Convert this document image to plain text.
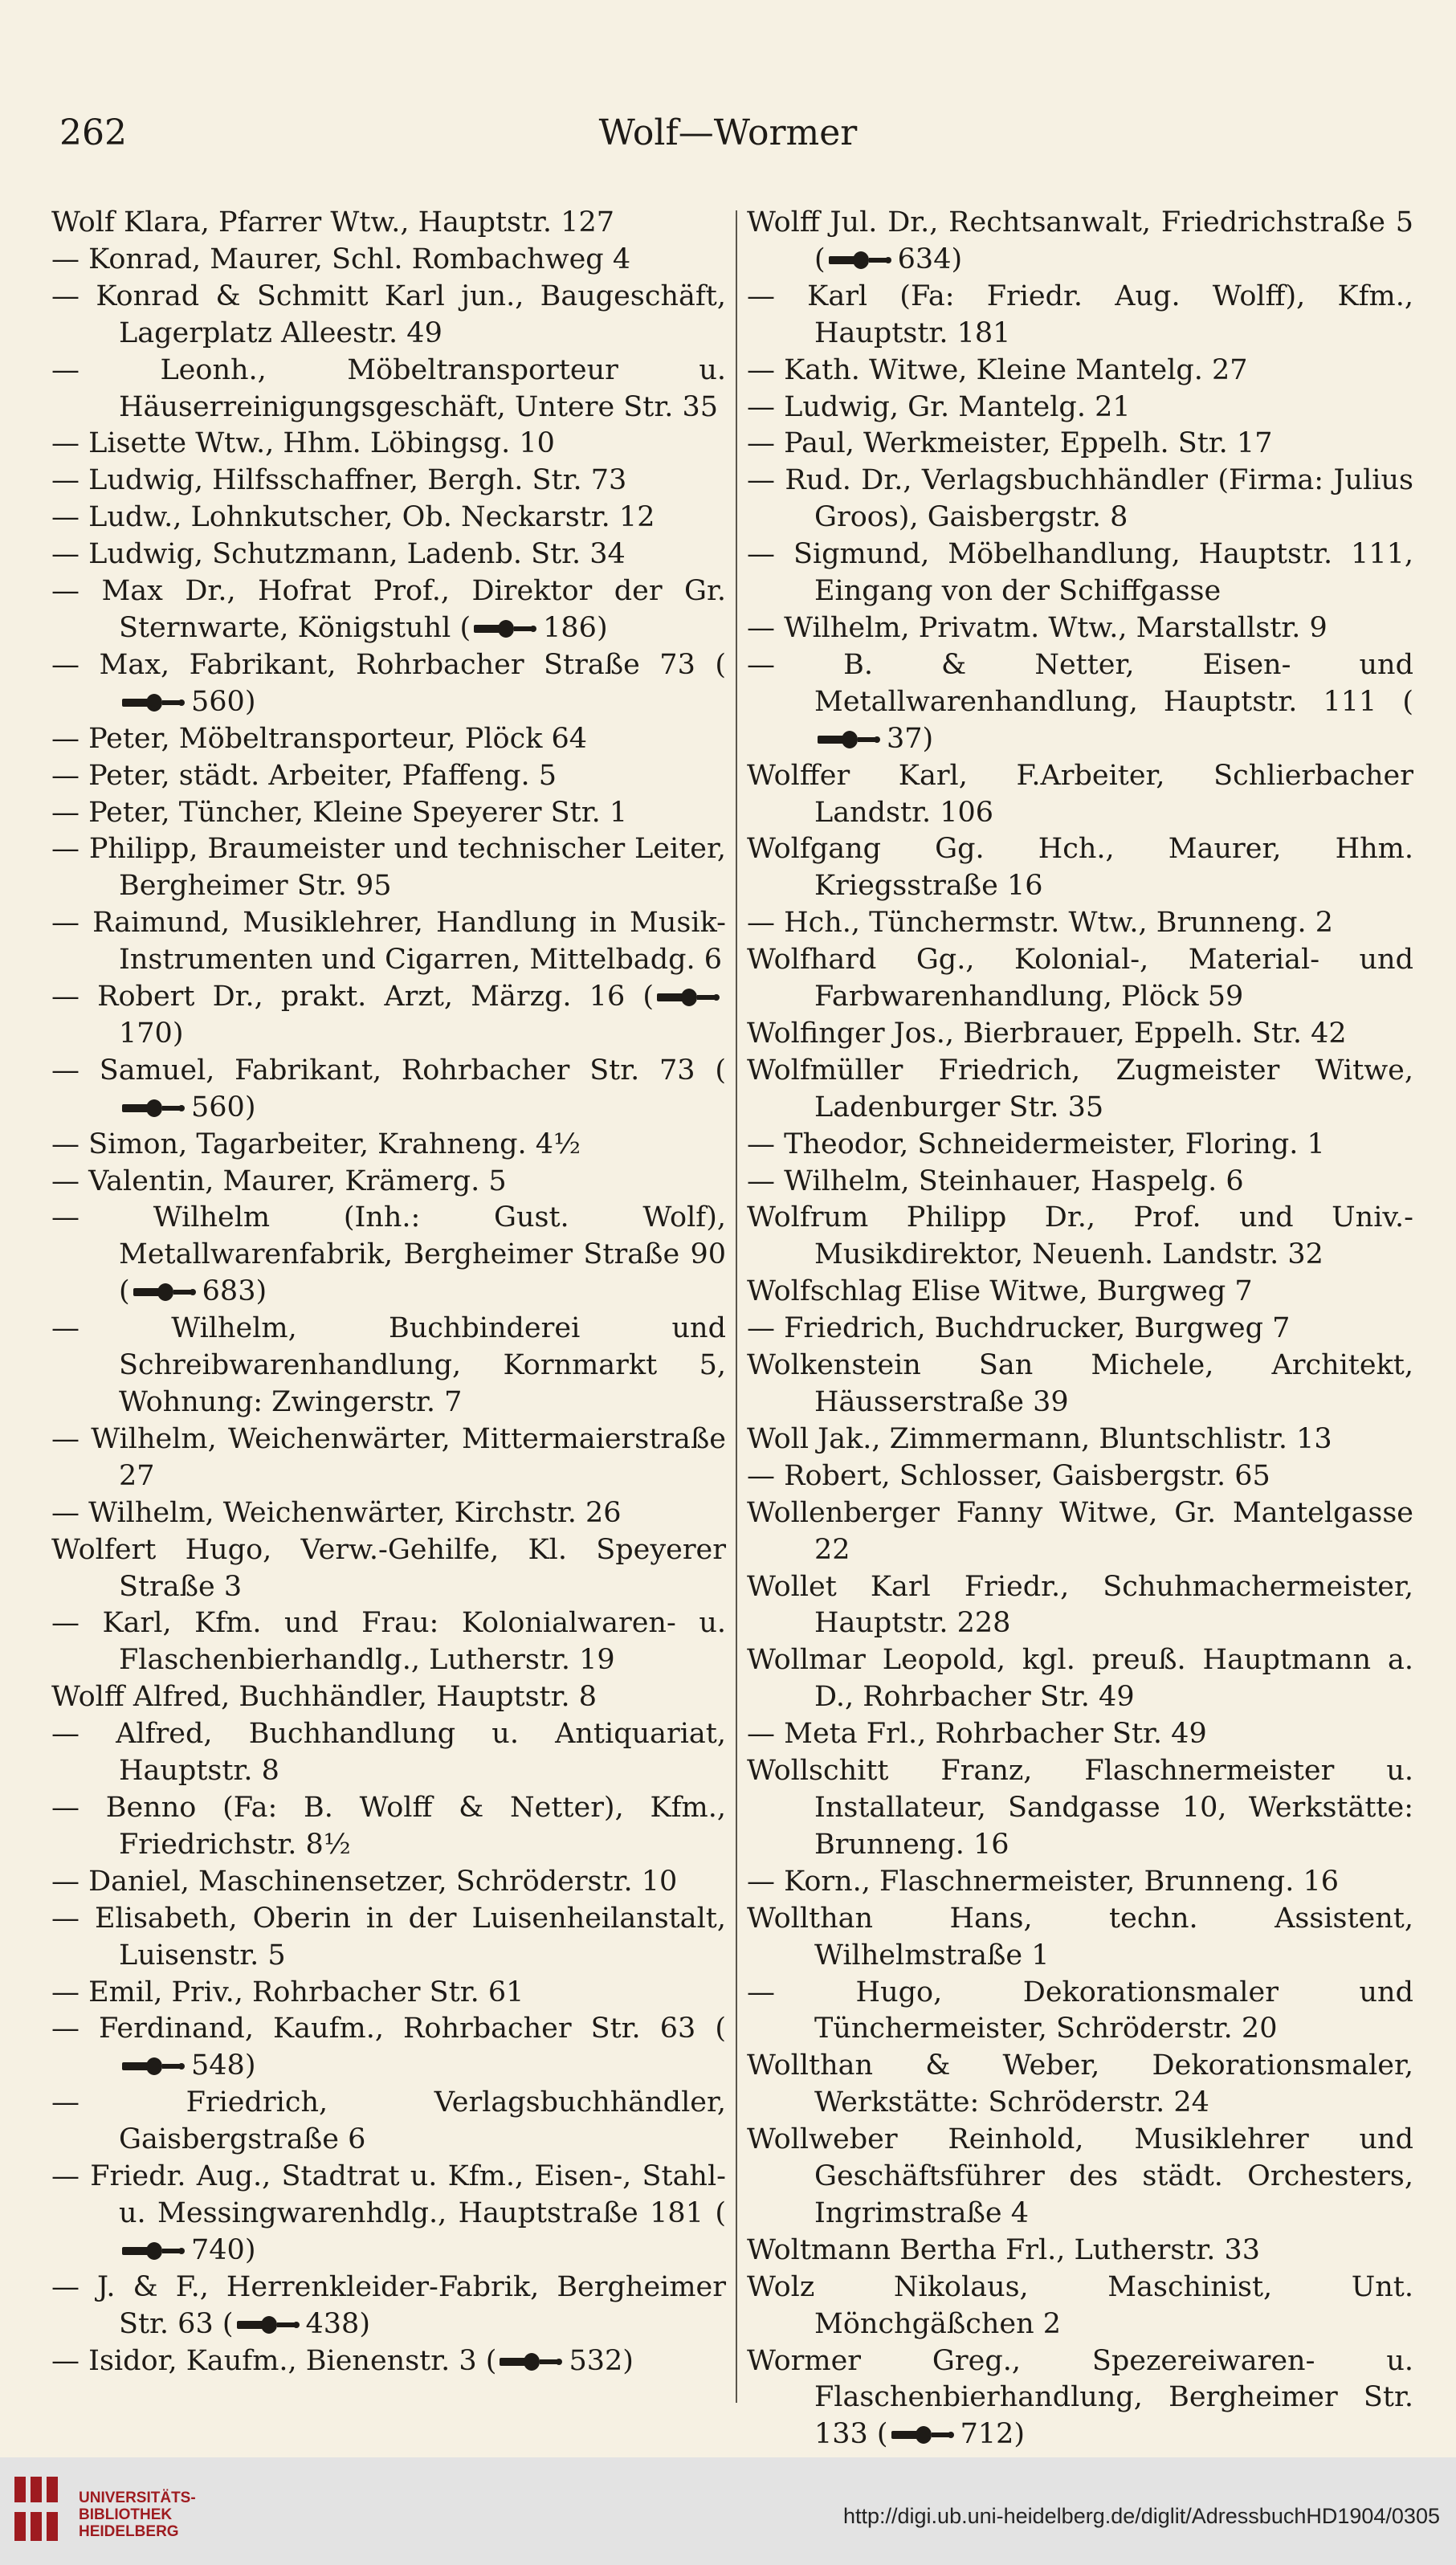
262	Wolf—Wormer

Wolf Klara, Pfarrer Wtw., Hauptstr. 127

— Konrad, Maurer, Schl. Rombachweg 4

— Konrad & Schmitt Karl jun., Baugeschäft, Lagerplatz Alleestr. 49

— Leonh., Möbeltransporteur u. Häuserreinigungsgeschäft, Untere Str. 35

— Lisette Wtw., Hhm. Löbingsg. 10

— Ludwig, Hilfsschaffner, Bergh. Str. 73

— Ludw., Lohnkutscher, Ob. Neckarstr. 12

— Ludwig, Schutzmann, Ladenb. Str. 34

— Max Dr., Hofrat Prof., Direktor der Gr. Sternwarte, Königstuhl (	186)

— Max, Fabrikant, Rohrbacher Straße 73 (560)

— Peter, Möbeltransporteur, Plöck 64

— Peter, städt. Arbeiter, Pfaffeng. 5

— Peter, Tüncher, Kleine Speyerer Str. 1

— Philipp, Braumeister und technischer Leiter, Bergheimer Str. 95

— Raimund, Musiklehrer, Handlung in Musik-Instrumenten und Cigarren, Mittelbadg. 6

— Robert Dr., prakt. Arzt, Märzg. 16 (170)

— Samuel, Fabrikant, Rohrbacher Str. 73 (560)

— Simon, Tagarbeiter, Krahneng. 4½

— Valentin, Maurer, Krämerg. 5

— Wilhelm (Inh.: Gust. Wolf), Metallwarenfabrik, Bergheimer Straße 90 (	683)

— Wilhelm, Buchbinderei und Schreibwarenhandlung, Kornmarkt 5, Wohnung: Zwingerstr. 7

— Wilhelm, Weichenwärter, Mittermaierstraße 27

— Wilhelm, Weichenwärter, Kirchstr. 26

Wolfert Hugo, Verw.-Gehilfe, Kl. Speyerer Straße 3

— Karl, Kfm. und Frau: Kolonialwaren- u. Flaschenbierhandlg., Lutherstr. 19

Wolff Alfred, Buchhändler, Hauptstr. 8

— Alfred, Buchhandlung u. Antiquariat, Hauptstr. 8

— Benno (Fa: B. Wolff & Netter), Kfm., Friedrichstr. 8½

— Daniel, Maschinensetzer, Schröderstr. 10

— Elisabeth, Oberin in der Luisenheilanstalt, Luisenstr. 5

— Emil, Priv., Rohrbacher Str. 61

— Ferdinand, Kaufm., Rohrbacher Str. 63 (548)

— Friedrich, Verlagsbuchhändler, Gaisbergstraße 6

— Friedr. Aug., Stadtrat u. Kfm., Eisen-, Stahl- u. Messingwarenhdlg., Hauptstraße 181 (740)

— J. & F., Herrenkleider-Fabrik, Bergheimer Str. 63 (	438)

— Isidor, Kaufm., Bienenstr. 3 (	532)

Wolff Jul. Dr., Rechtsanwalt, Friedrichstraße 5 (	634)

— Karl (Fa: Friedr. Aug. Wolff), Kfm., Hauptstr. 181

— Kath. Witwe, Kleine Mantelg. 27

— Ludwig, Gr. Mantelg. 21

— Paul, Werkmeister, Eppelh. Str. 17

— Rud. Dr., Verlagsbuchhändler (Firma: Julius Groos), Gaisbergstr. 8

— Sigmund, Möbelhandlung, Hauptstr. 111, Eingang von der Schiffgasse

— Wilhelm, Privatm. Wtw., Marstallstr. 9

— B. & Netter, Eisen- und Metallwarenhandlung, Hauptstr. 111 (37)

Wolffer Karl, F.Arbeiter, Schlierbacher Landstr. 106

Wolfgang Gg. Hch., Maurer, Hhm. Kriegsstraße 16

— Hch., Tünchermstr. Wtw., Brunneng. 2

Wolfhard Gg., Kolonial-, Material- und Farbwarenhandlung, Plöck 59

Wolfinger Jos., Bierbrauer, Eppelh. Str. 42

Wolfmüller Friedrich, Zugmeister Witwe, Ladenburger Str. 35

— Theodor, Schneidermeister, Floring. 1

— Wilhelm, Steinhauer, Haspelg. 6

Wolfrum Philipp Dr., Prof. und Univ.-Musikdirektor, Neuenh. Landstr. 32

Wolfschlag Elise Witwe, Burgweg 7

— Friedrich, Buchdrucker, Burgweg 7

Wolkenstein San Michele, Architekt, Häusserstraße 39

Woll Jak., Zimmermann, Bluntschlistr. 13

— Robert, Schlosser, Gaisbergstr. 65

Wollenberger Fanny Witwe, Gr. Mantelgasse 22

Wollet Karl Friedr., Schuhmachermeister, Hauptstr. 228

Wollmar Leopold, kgl. preuß. Hauptmann a. D., Rohrbacher Str. 49

— Meta Frl., Rohrbacher Str. 49

Wollschitt Franz, Flaschnermeister u. Installateur, Sandgasse 10, Werkstätte: Brunneng. 16

— Korn., Flaschnermeister, Brunneng. 16

Wollthan Hans, techn. Assistent, Wilhelmstraße 1

— Hugo, Dekorationsmaler und Tünchermeister, Schröderstr. 20

Wollthan & Weber, Dekorationsmaler, Werkstätte: Schröderstr. 24

Wollweber Reinhold, Musiklehrer und Geschäftsführer des städt. Orchesters, Ingrimstraße 4

Woltmann Bertha Frl., Lutherstr. 33

Wolz Nikolaus, Maschinist, Unt. Mönchgäßchen 2

Wormer Greg., Spezereiwaren- u. Flaschenbierhandlung, Bergheimer Str. 133 (	712)

UNIVERSITÄTS-
BIBLIOTHEK
HEIDELBERG
http://digi.ub.uni-heidelberg.de/diglit/AdressbuchHD1904/0305
